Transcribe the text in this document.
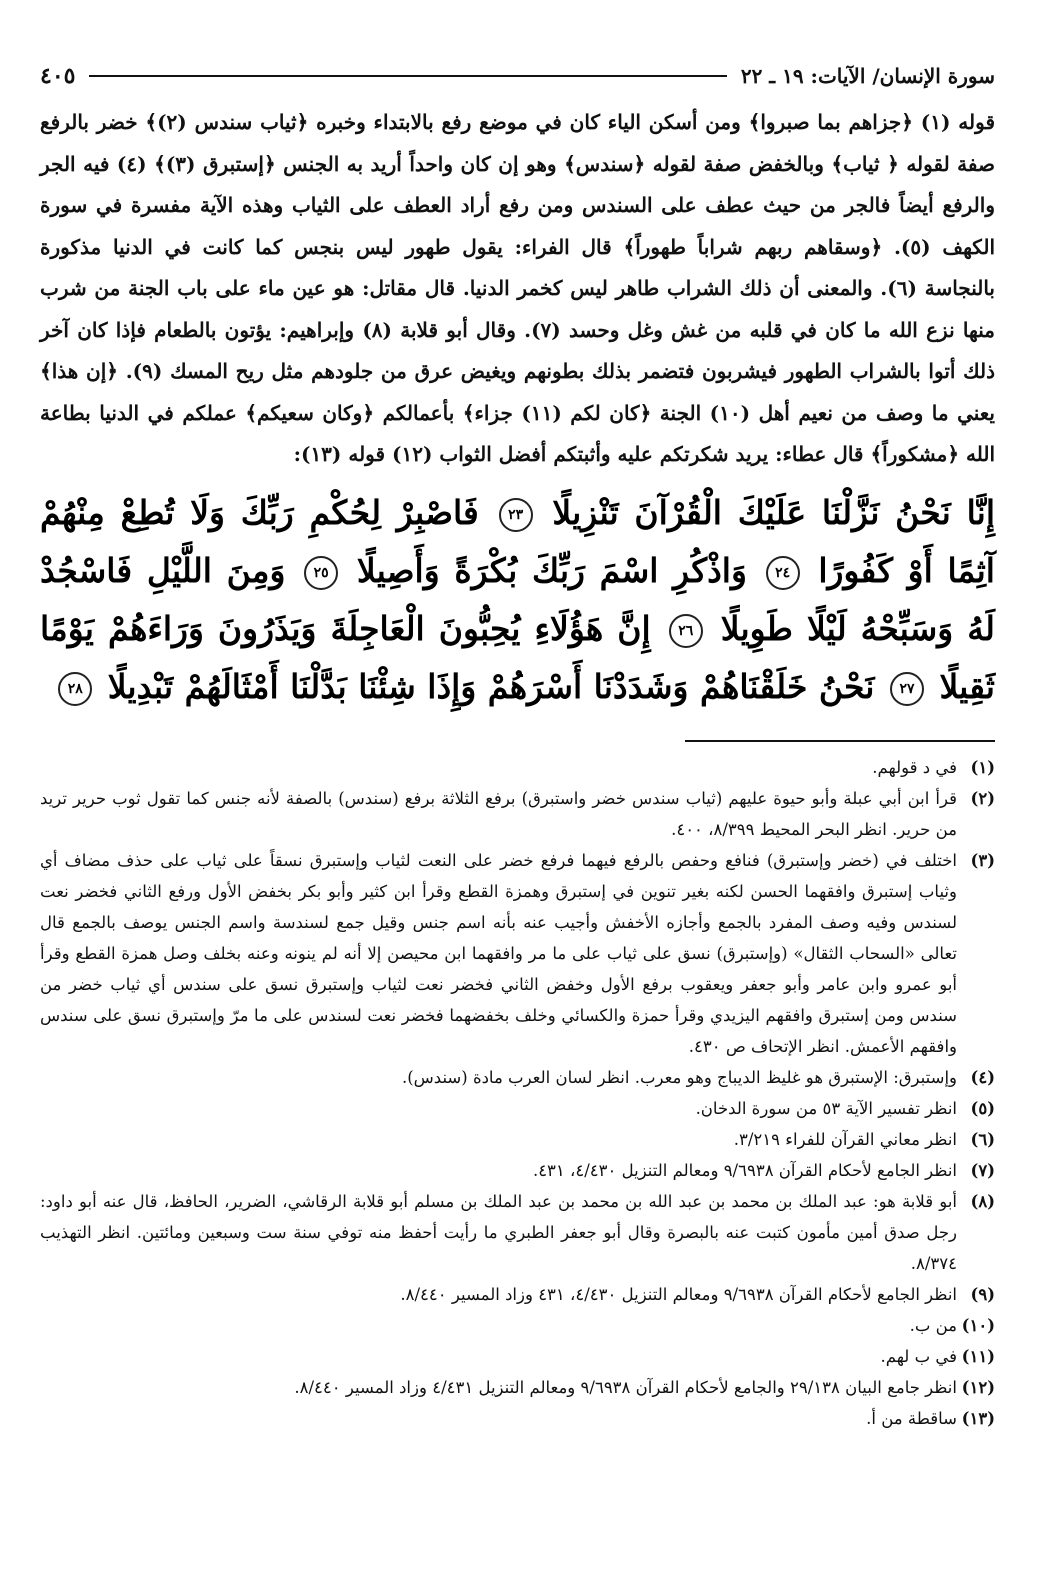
سورة الإنسان/ الآيات: ١٩ ـ ٢٢
٤٠٥

قوله (١) ﴿جزاهم بما صبروا﴾ ومن أسكن الياء كان في موضع رفع بالابتداء وخبره ﴿ثياب سندس (٢)﴾ خضر بالرفع صفة لقوله ﴿ ثياب﴾ وبالخفض صفة لقوله ﴿سندس﴾ وهو إن كان واحداً أريد به الجنس ﴿إستبرق (٣)﴾ (٤) فيه الجر والرفع أيضاً فالجر من حيث عطف على السندس ومن رفع أراد العطف على الثياب وهذه الآية مفسرة في سورة الكهف (٥). ﴿وسقاهم ربهم شراباً طهوراً﴾ قال الفراء: يقول طهور ليس بنجس كما كانت في الدنيا مذكورة بالنجاسة (٦). والمعنى أن ذلك الشراب طاهر ليس كخمر الدنيا. قال مقاتل: هو عين ماء على باب الجنة من شرب منها نزع الله ما كان في قلبه من غش وغل وحسد (٧). وقال أبو قلابة (٨) وإبراهيم: يؤتون بالطعام فإذا كان آخر ذلك أتوا بالشراب الطهور فيشربون فتضمر بذلك بطونهم ويغيض عرق من جلودهم مثل ريح المسك (٩). ﴿إن هذا﴾ يعني ما وصف من نعيم أهل (١٠) الجنة ﴿كان لكم (١١) جزاء﴾ بأعمالكم ﴿وكان سعيكم﴾ عملكم في الدنيا بطاعة الله ﴿مشكوراً﴾ قال عطاء: يريد شكرتكم عليه وأثبتكم أفضل الثواب (١٢) قوله (١٣):

إِنَّا نَحْنُ نَزَّلْنَا عَلَيْكَ الْقُرْآنَ تَنْزِيلًا ٢٣ فَاصْبِرْ لِحُكْمِ رَبِّكَ وَلَا تُطِعْ مِنْهُمْ آثِمًا أَوْ كَفُورًا ٢٤ وَاذْكُرِ اسْمَ رَبِّكَ بُكْرَةً وَأَصِيلًا ٢٥ وَمِنَ اللَّيْلِ فَاسْجُدْ لَهُ وَسَبِّحْهُ لَيْلًا طَوِيلًا ٢٦ إِنَّ هَؤُلَاءِ يُحِبُّونَ الْعَاجِلَةَ وَيَذَرُونَ وَرَاءَهُمْ يَوْمًا ثَقِيلًا ٢٧ نَحْنُ خَلَقْنَاهُمْ وَشَدَدْنَا أَسْرَهُمْ وَإِذَا شِئْنَا بَدَّلْنَا أَمْثَالَهُمْ تَبْدِيلًا ٢٨
(١)
في د قولهم.
(٢)
قرأ ابن أبي عبلة وأبو حيوة عليهم (ثياب سندس خضر واستبرق) برفع الثلاثة برفع (سندس) بالصفة لأنه جنس كما تقول ثوب حرير تريد من حرير. انظر البحر المحيط ٨/٣٩٩، ٤٠٠.
(٣)
اختلف في (خضر وإستبرق) فنافع وحفص بالرفع فيهما فرفع خضر على النعت لثياب وإستبرق نسقاً على ثياب على حذف مضاف أي وثياب إستبرق وافقهما الحسن لكنه بغير تنوين في إستبرق وهمزة القطع وقرأ ابن كثير وأبو بكر بخفض الأول ورفع الثاني فخضر نعت لسندس وفيه وصف المفرد بالجمع وأجازه الأخفش وأجيب عنه بأنه اسم جنس وقيل جمع لسندسة واسم الجنس يوصف بالجمع قال تعالى «السحاب الثقال» (وإستبرق) نسق على ثياب على ما مر وافقهما ابن محيصن إلا أنه لم ينونه وعنه بخلف وصل همزة القطع وقرأ أبو عمرو وابن عامر وأبو جعفر ويعقوب برفع الأول وخفض الثاني فخضر نعت لثياب وإستبرق نسق على سندس أي ثياب خضر من سندس ومن إستبرق وافقهم اليزيدي وقرأ حمزة والكسائي وخلف بخفضهما فخضر نعت لسندس على ما مرّ وإستبرق نسق على سندس وافقهم الأعمش. انظر الإتحاف ص ٤٣٠.
(٤)
وإستبرق: الإستبرق هو غليظ الديباج وهو معرب. انظر لسان العرب مادة (سندس).
(٥)
انظر تفسير الآية ٥٣ من سورة الدخان.
(٦)
انظر معاني القرآن للفراء ٣/٢١٩.
(٧)
انظر الجامع لأحكام القرآن ٩/٦٩٣٨ ومعالم التنزيل ٤/٤٣٠، ٤٣١.
(٨)
أبو قلابة هو: عبد الملك بن محمد بن عبد الله بن محمد بن عبد الملك بن مسلم أبو قلابة الرقاشي، الضرير، الحافظ، قال عنه أبو داود: رجل صدق أمين مأمون كتبت عنه بالبصرة وقال أبو جعفر الطبري ما رأيت أحفظ منه توفي سنة ست وسبعين ومائتين. انظر التهذيب ٨/٣٧٤.
(٩)
انظر الجامع لأحكام القرآن ٩/٦٩٣٨ ومعالم التنزيل ٤/٤٣٠، ٤٣١ وزاد المسير ٨/٤٤٠.
(١٠)
من ب.
(١١)
في ب لهم.
(١٢)
انظر جامع البيان ٢٩/١٣٨ والجامع لأحكام القرآن ٩/٦٩٣٨ ومعالم التنزيل ٤/٤٣١ وزاد المسير ٨/٤٤٠.
(١٣)
ساقطة من أ.
